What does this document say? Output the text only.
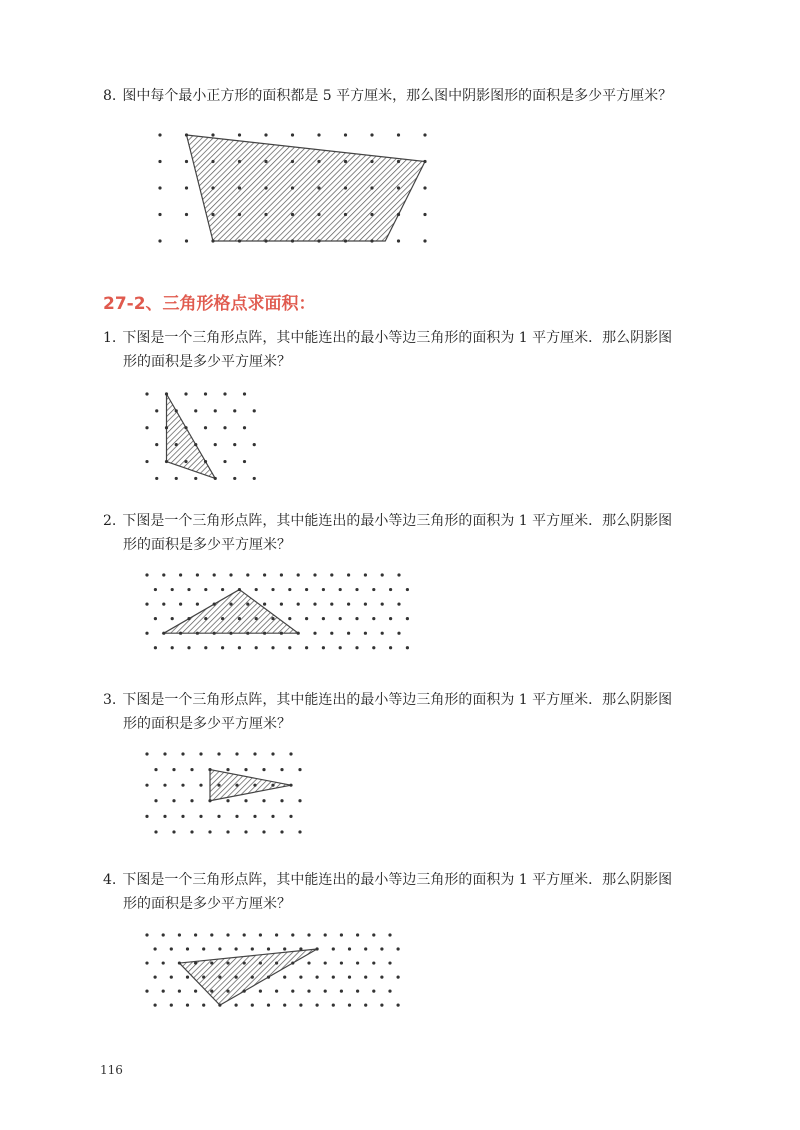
8. 图中每个最小正方形的面积都是 5 平方厘米，那么图中阴影图形的面积是多少平方厘米？
27-2、三角形格点求面积：
1. 下图是一个三角形点阵，其中能连出的最小等边三角形的面积为 1 平方厘米．那么阴影图
形的面积是多少平方厘米？
2. 下图是一个三角形点阵，其中能连出的最小等边三角形的面积为 1 平方厘米．那么阴影图
形的面积是多少平方厘米？
3. 下图是一个三角形点阵，其中能连出的最小等边三角形的面积为 1 平方厘米．那么阴影图
形的面积是多少平方厘米？
4. 下图是一个三角形点阵，其中能连出的最小等边三角形的面积为 1 平方厘米．那么阴影图
形的面积是多少平方厘米？
116
